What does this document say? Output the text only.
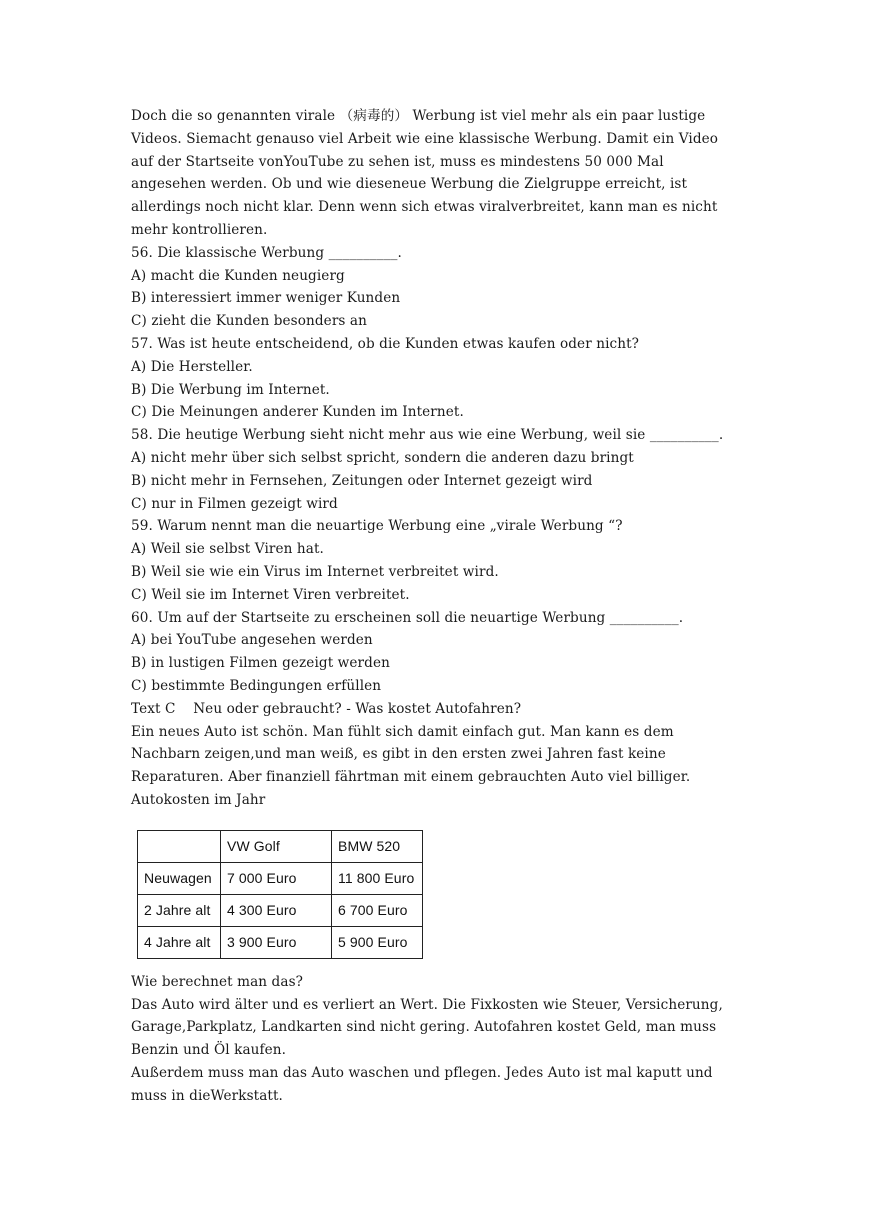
Doch die so genannten virale （病毒的） Werbung ist viel mehr als ein paar lustige Videos. Siemacht genauso viel Arbeit wie eine klassische Werbung. Damit ein Video auf der Startseite vonYouTube zu sehen ist, muss es mindestens 50 000 Mal angesehen werden. Ob und wie dieseneue Werbung die Zielgruppe erreicht, ist allerdings noch nicht klar. Denn wenn sich etwas viralverbreitet, kann man es nicht mehr kontrollieren.

56. Die klassische Werbung __________.

A) macht die Kunden neugierg

B) interessiert immer weniger Kunden

C) zieht die Kunden besonders an

57. Was ist heute entscheidend, ob die Kunden etwas kaufen oder nicht?

A) Die Hersteller.

B) Die Werbung im Internet.

C) Die Meinungen anderer Kunden im Internet.

58. Die heutige Werbung sieht nicht mehr aus wie eine Werbung, weil sie __________.

A) nicht mehr über sich selbst spricht, sondern die anderen dazu bringt

B) nicht mehr in Fernsehen, Zeitungen oder Internet gezeigt wird

C) nur in Filmen gezeigt wird

59. Warum nennt man die neuartige Werbung eine „virale Werbung “?

A) Weil sie selbst Viren hat.

B) Weil sie wie ein Virus im Internet verbreitet wird.

C) Weil sie im Internet Viren verbreitet.

60. Um auf der Startseite zu erscheinen soll die neuartige Werbung __________.

A) bei YouTube angesehen werden

B) in lustigen Filmen gezeigt werden

C) bestimmte Bedingungen erfüllen

Text C    Neu oder gebraucht? - Was kostet Autofahren?

Ein neues Auto ist schön. Man fühlt sich damit einfach gut. Man kann es dem Nachbarn zeigen,und man weiß, es gibt in den ersten zwei Jahren fast keine Reparaturen. Aber finanziell fährtman mit einem gebrauchten Auto viel billiger.

Autokosten im Jahr

	VW Golf	BMW 520
Neuwagen	7 000 Euro	11 800 Euro
2 Jahre alt	4 300 Euro	6 700 Euro
4 Jahre alt	3 900 Euro	5 900 Euro

Wie berechnet man das?

Das Auto wird älter und es verliert an Wert. Die Fixkosten wie Steuer, Versicherung, Garage,Parkplatz, Landkarten sind nicht gering. Autofahren kostet Geld, man muss Benzin und Öl kaufen.

Außerdem muss man das Auto waschen und pflegen. Jedes Auto ist mal kaputt und muss in dieWerkstatt.
